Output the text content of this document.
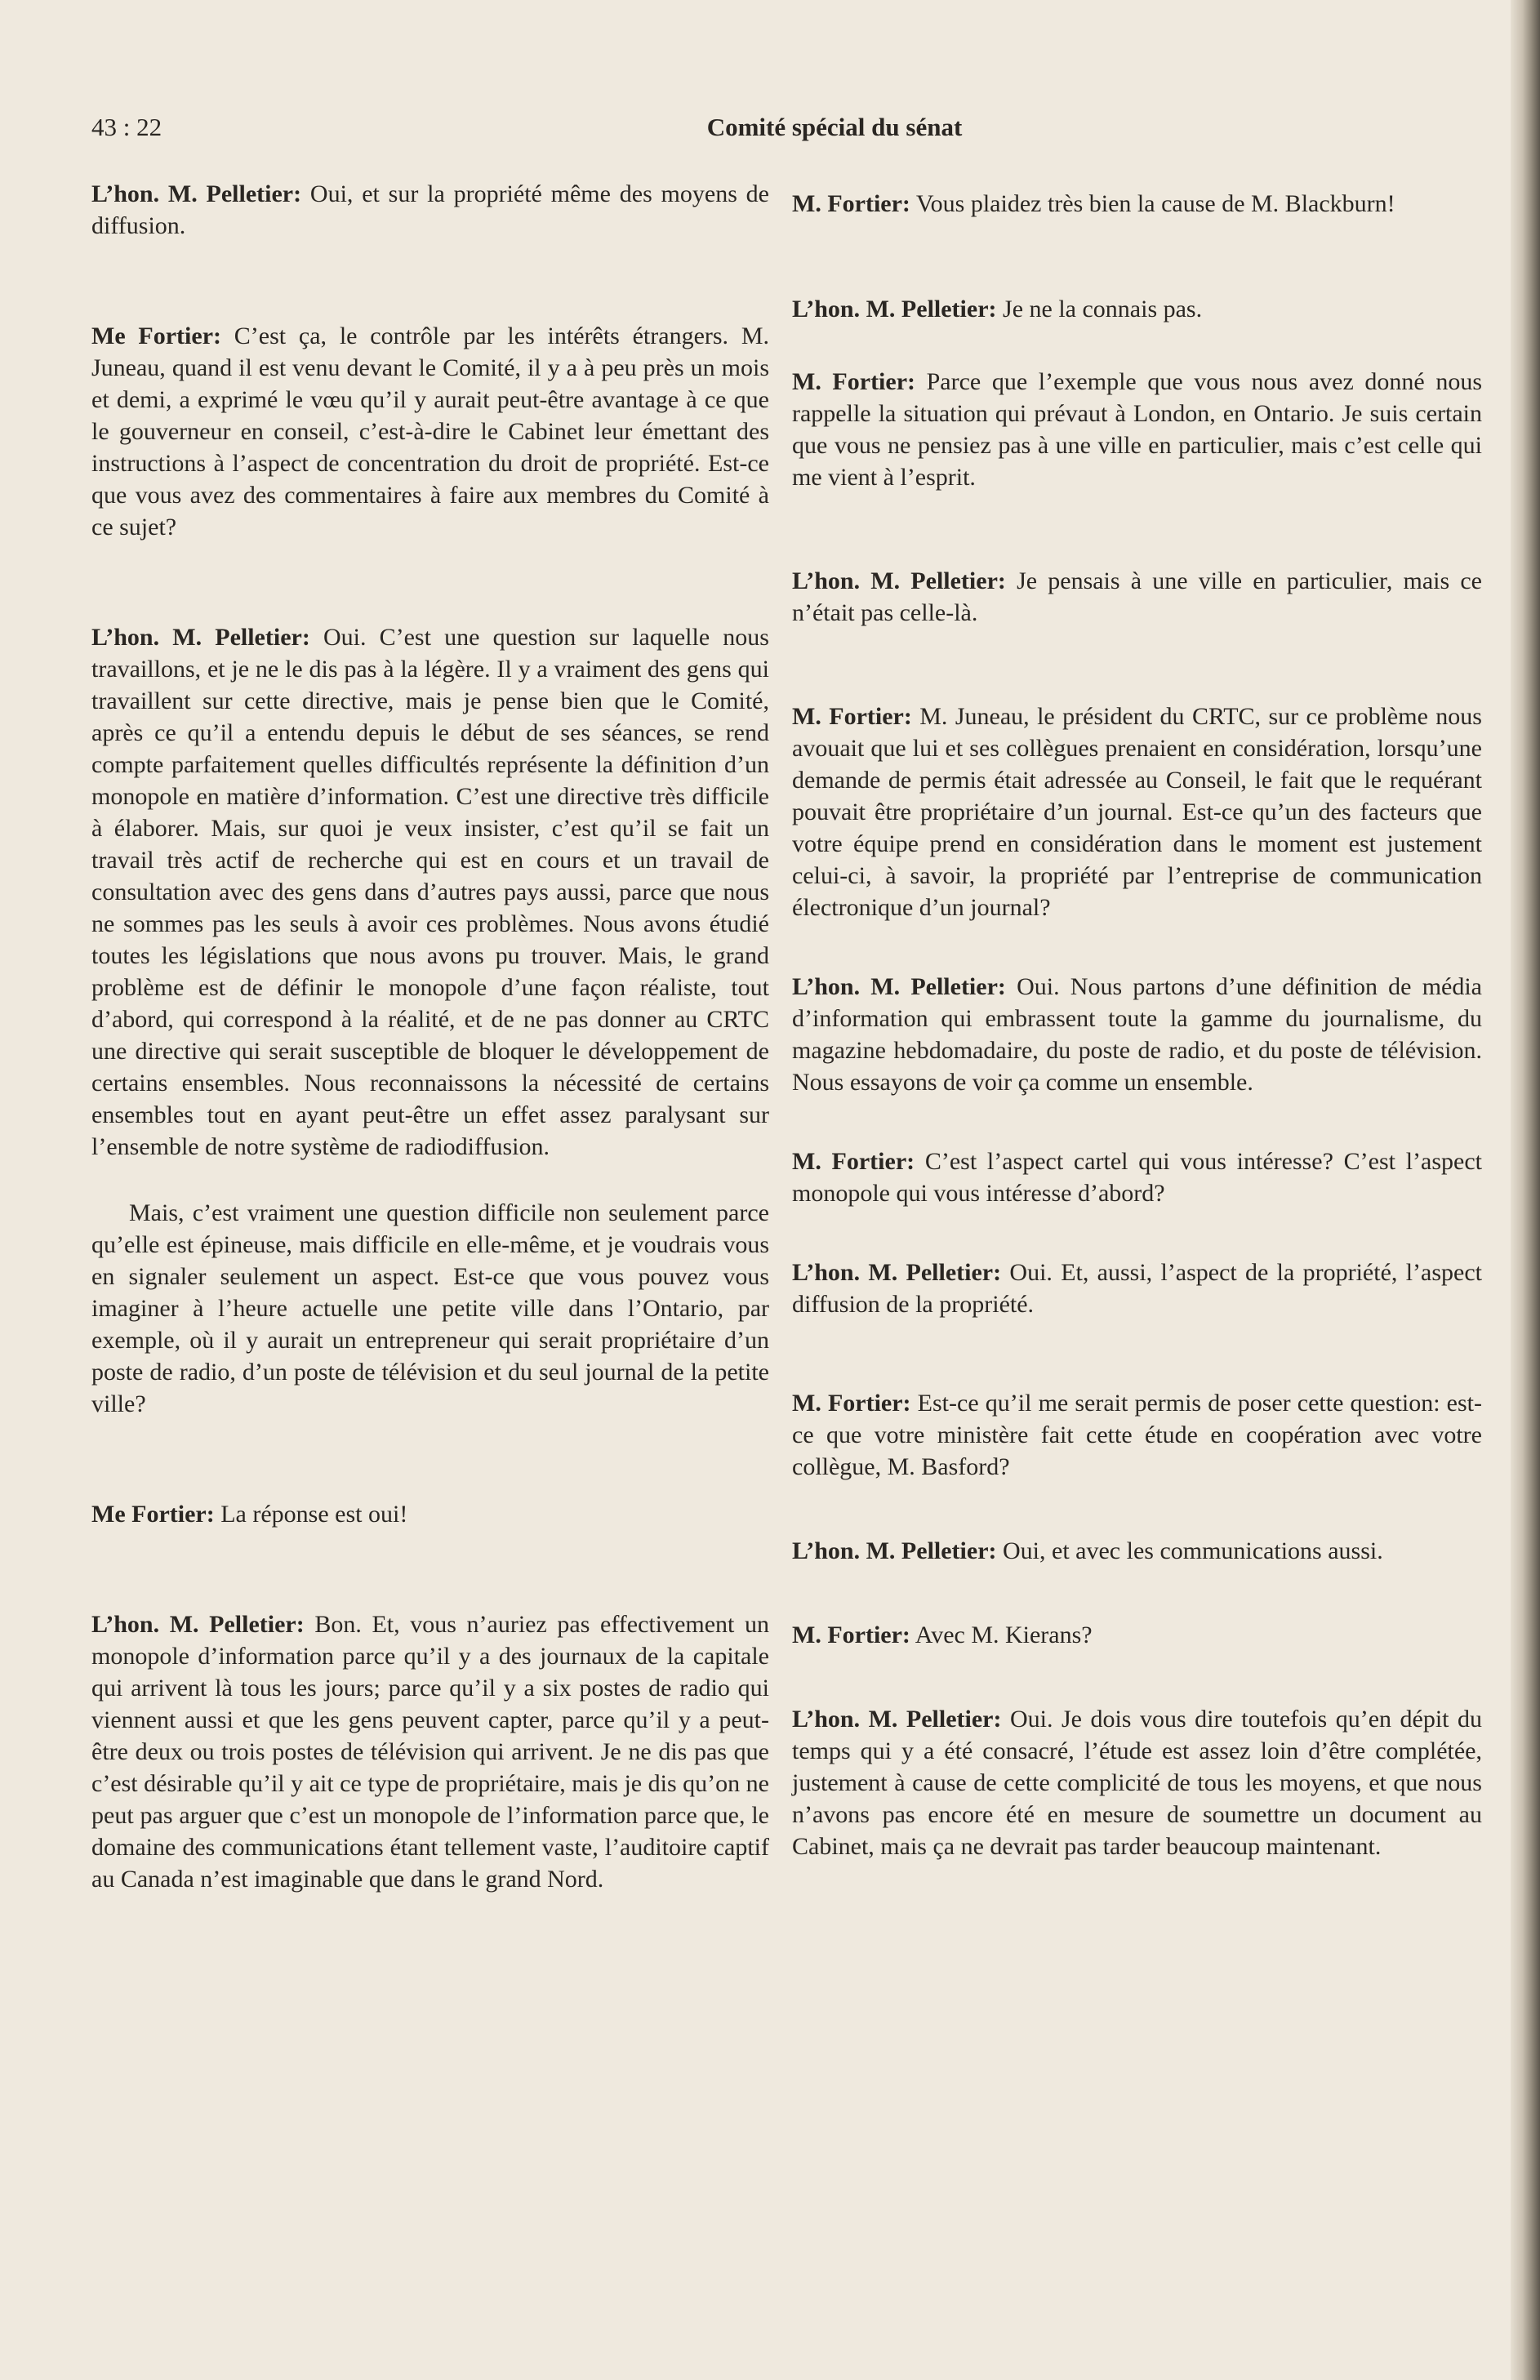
43 : 22	Comité spécial du sénat

L’hon. M. Pelletier: Oui, et sur la propriété même des moyens de diffusion.

Me Fortier: C’est ça, le contrôle par les intérêts étrangers. M. Juneau, quand il est venu devant le Comité, il y a à peu près un mois et demi, a exprimé le vœu qu’il y aurait peut-être avantage à ce que le gouverneur en conseil, c’est-à-dire le Cabinet leur émettant des instructions à l’aspect de concentration du droit de propriété. Est-ce que vous avez des commentaires à faire aux membres du Comité à ce sujet?

L’hon. M. Pelletier: Oui. C’est une question sur laquelle nous travaillons, et je ne le dis pas à la légère. Il y a vraiment des gens qui travaillent sur cette directive, mais je pense bien que le Comité, après ce qu’il a entendu depuis le début de ses séances, se rend compte parfaitement quelles difficultés représente la définition d’un monopole en matière d’information. C’est une directive très difficile à élaborer. Mais, sur quoi je veux insister, c’est qu’il se fait un travail très actif de recherche qui est en cours et un travail de consultation avec des gens dans d’autres pays aussi, parce que nous ne sommes pas les seuls à avoir ces problèmes. Nous avons étudié toutes les législations que nous avons pu trouver. Mais, le grand problème est de définir le monopole d’une façon réaliste, tout d’abord, qui correspond à la réalité, et de ne pas donner au CRTC une directive qui serait susceptible de bloquer le développement de certains ensembles. Nous reconnaissons la nécessité de certains ensembles tout en ayant peut-être un effet assez paralysant sur l’ensemble de notre système de radiodiffusion.

Mais, c’est vraiment une question difficile non seulement parce qu’elle est épineuse, mais difficile en elle-même, et je voudrais vous en signaler seulement un aspect. Est-ce que vous pouvez vous imaginer à l’heure actuelle une petite ville dans l’Ontario, par exemple, où il y aurait un entrepreneur qui serait propriétaire d’un poste de radio, d’un poste de télévision et du seul journal de la petite ville?

Me Fortier: La réponse est oui!

L’hon. M. Pelletier: Bon. Et, vous n’auriez pas effectivement un monopole d’information parce qu’il y a des journaux de la capitale qui arrivent là tous les jours; parce qu’il y a six postes de radio qui viennent aussi et que les gens peuvent capter, parce qu’il y a peut-être deux ou trois postes de télévision qui arrivent. Je ne dis pas que c’est désirable qu’il y ait ce type de propriétaire, mais je dis qu’on ne peut pas arguer que c’est un monopole de l’information parce que, le domaine des communications étant tellement vaste, l’auditoire captif au Canada n’est imaginable que dans le grand Nord.

M. Fortier: Vous plaidez très bien la cause de M. Blackburn!

L’hon. M. Pelletier: Je ne la connais pas.

M. Fortier: Parce que l’exemple que vous nous avez donné nous rappelle la situation qui prévaut à London, en Ontario. Je suis certain que vous ne pensiez pas à une ville en particulier, mais c’est celle qui me vient à l’esprit.

L’hon. M. Pelletier: Je pensais à une ville en particulier, mais ce n’était pas celle-là.

M. Fortier: M. Juneau, le président du CRTC, sur ce problème nous avouait que lui et ses collègues prenaient en considération, lorsqu’une demande de permis était adressée au Conseil, le fait que le requérant pouvait être propriétaire d’un journal. Est-ce qu’un des facteurs que votre équipe prend en considération dans le moment est justement celui-ci, à savoir, la propriété par l’entreprise de communication électronique d’un journal?

L’hon. M. Pelletier: Oui. Nous partons d’une définition de média d’information qui embrassent toute la gamme du journalisme, du magazine hebdomadaire, du poste de radio, et du poste de télévision. Nous essayons de voir ça comme un ensemble.

M. Fortier: C’est l’aspect cartel qui vous intéresse? C’est l’aspect monopole qui vous intéresse d’abord?

L’hon. M. Pelletier: Oui. Et, aussi, l’aspect de la propriété, l’aspect diffusion de la propriété.

M. Fortier: Est-ce qu’il me serait permis de poser cette question: est-ce que votre ministère fait cette étude en coopération avec votre collègue, M. Basford?

L’hon. M. Pelletier: Oui, et avec les communications aussi.

M. Fortier: Avec M. Kierans?

L’hon. M. Pelletier: Oui. Je dois vous dire toutefois qu’en dépit du temps qui y a été consacré, l’étude est assez loin d’être complétée, justement à cause de cette complicité de tous les moyens, et que nous n’avons pas encore été en mesure de soumettre un document au Cabinet, mais ça ne devrait pas tarder beaucoup maintenant.
